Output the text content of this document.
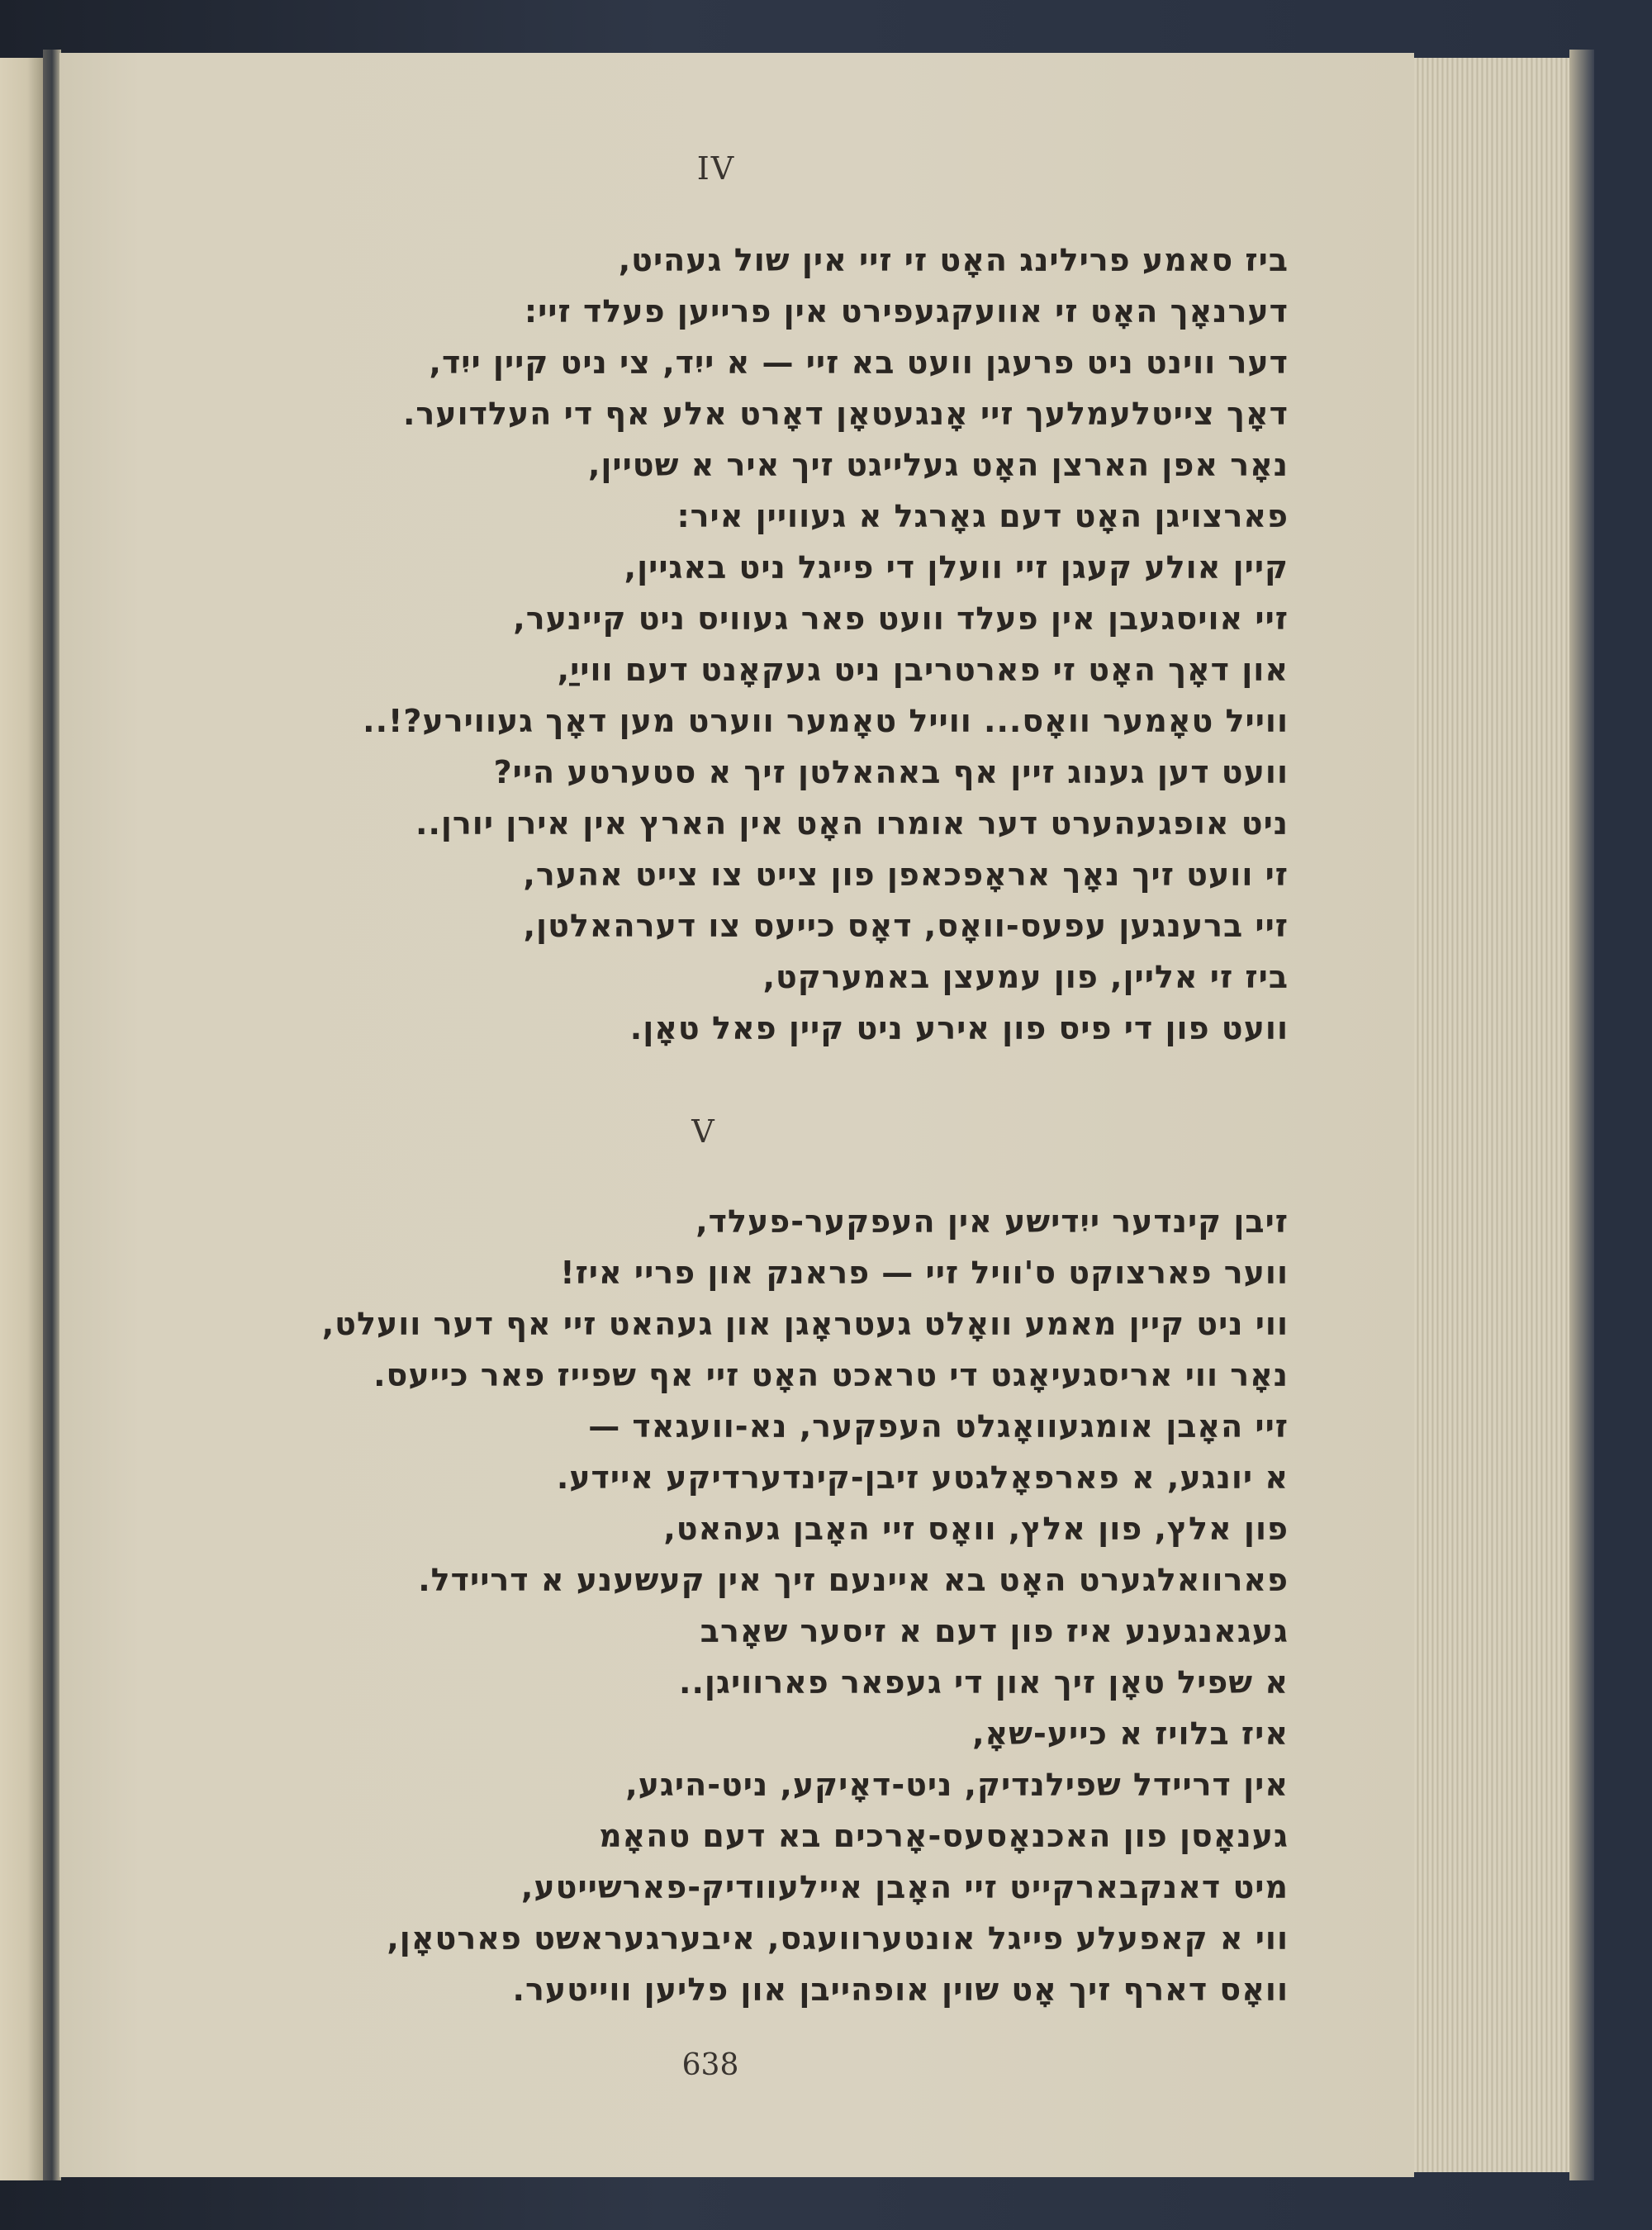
IV
ביז סאמע פרילינג האָט זי זיי אין שול געהיט,
דערנאָך האָט זי אוועקגעפירט אין פרייען פעלד זיי:
דער ווינט ניט פרעגן וועט בא זיי — א ייִד, צי ניט קיין ייִד,
דאָך צייטלעמלעך זיי אָנגעטאָן דאָרט אלע אף די העלדוער.
נאָר אפן הארצן האָט געלייגט זיך איר א שטיין,
פארצויגן האָט דעם גאָרגל א געוויין איר:
קיין אולע קעגן זיי וועלן די פייגל ניט באגיין,
זיי אויסגעבן אין פעלד וועט פאר געוויס ניט קיינער,
און דאָך האָט זי פארטריבן ניט געקאָנט דעם ווייַ,
ווייל טאָמער וואָס... ווייל טאָמער ווערט מען דאָך געווירע?!..
וועט דען גענוג זיין אף באהאלטן זיך א סטערטע היי?
ניט אופגעהערט דער אומרו האָט אין הארץ אין אירן יורן..
זי וועט זיך נאָך אראָפכאפן פון צייט צו צייט אהער,
זיי ברענגען עפעס-וואָס, דאָס כייעס צו דערהאלטן,
ביז זי אליין, פון עמעצן באמערקט,
וועט פון די פיס פון אירע ניט קיין פאל טאָן.
V
זיבן קינדער ייִדישע אין העפקער-פעלד,
ווער פארצוקט ס'וויל זיי — פראנק און פריי איז!
ווי ניט קיין מאמע וואָלט געטראָגן און געהאט זיי אף דער וועלט,
נאָר ווי אריסגעיאָגט די טראכט האָט זיי אף שפייז פאר כייעס.
זיי האָבן אומגעוואָגלט העפקער, נא-וועגאד —
א יונגע, א פארפאָלגטע זיבן-קינדערדיקע איידע.
פון אלץ, פון אלץ, וואָס זיי האָבן געהאט,
פארוואלגערט האָט בא איינעם זיך אין קעשענע א דריידל.
געגאנגענע איז פון דעם א זיסער שאָרב
א שפיל טאָן זיך און די געפאר פארוויגן..
איז בלויז א כייע-שאָ,
אין דריידל שפילנדיק, ניט-דאָיקע, ניט-היגע,
גענאָסן פון האכנאָסעס-אָרכים בא דעם טהאָמ
מיט דאנקבארקייט זיי האָבן איילעוודיק-פארשייטע,
ווי א קאפעלע פייגל אונטערוועגס, איבערגעראשט פארטאָן,
וואָס דארף זיך אָט שוין אופהייבן און פליען ווייטער.
638
